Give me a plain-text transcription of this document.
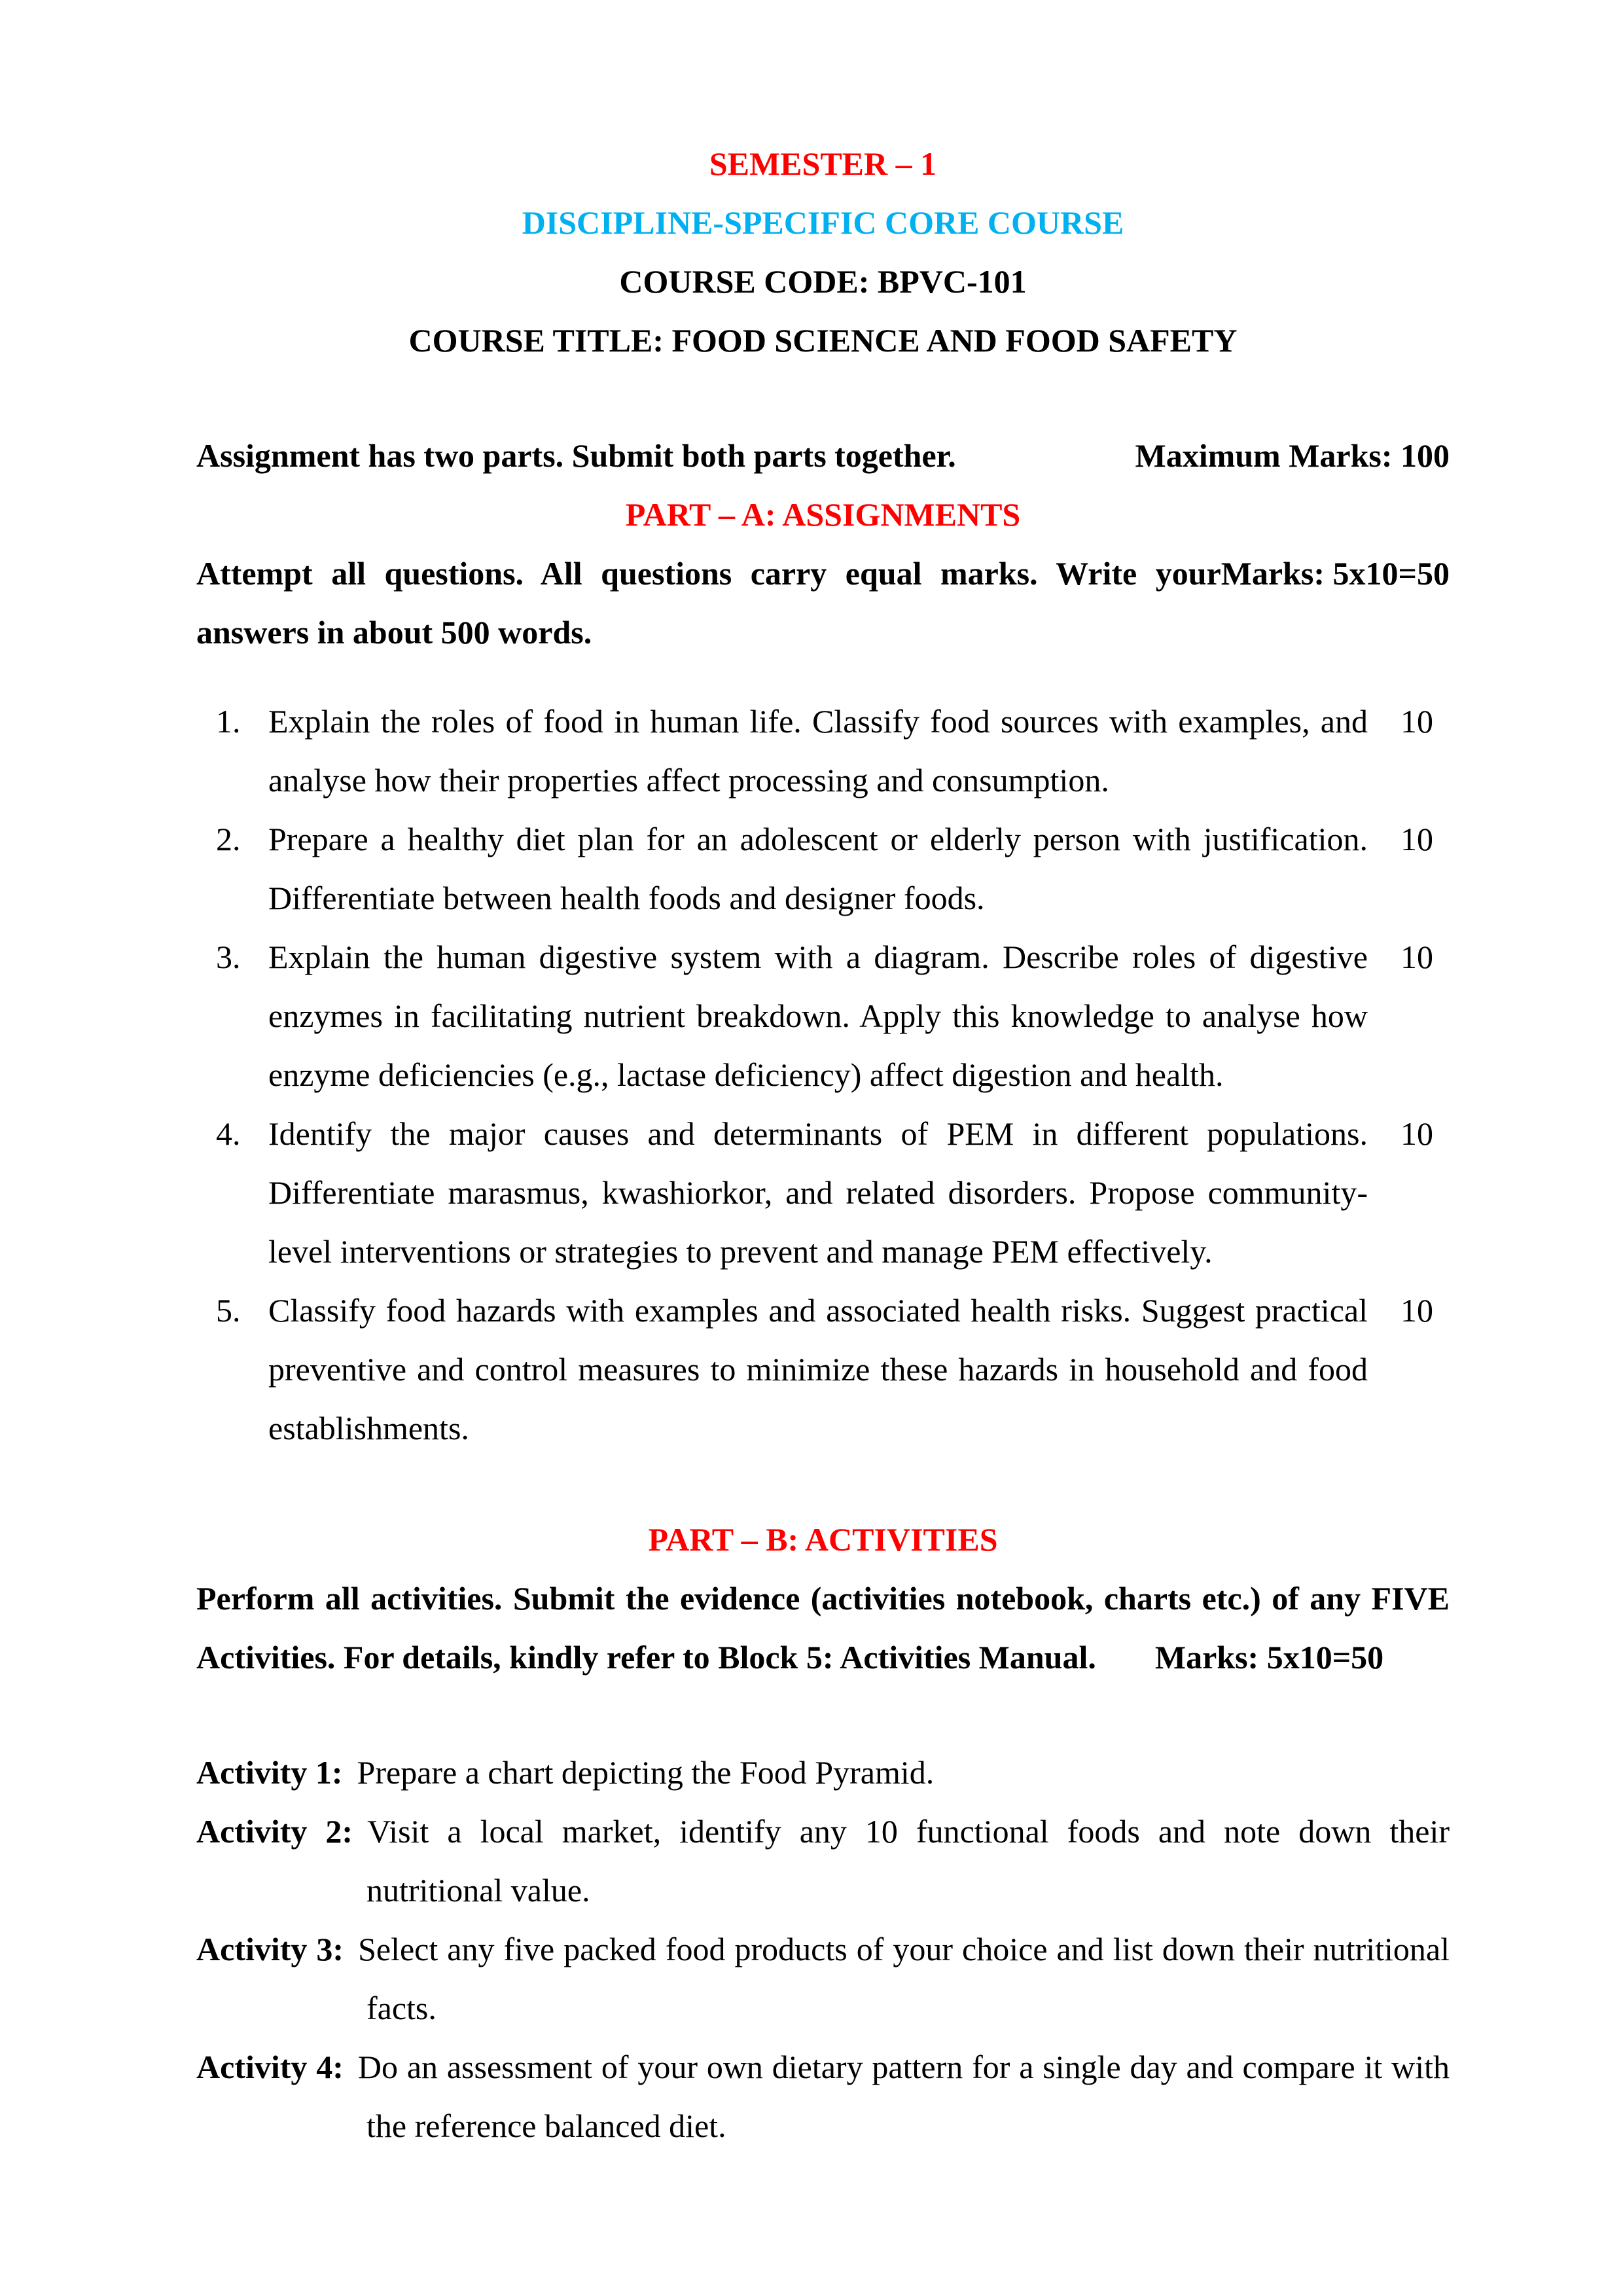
SEMESTER – 1

DISCIPLINE-SPECIFIC CORE COURSE

COURSE CODE: BPVC-101

COURSE TITLE: FOOD SCIENCE AND FOOD SAFETY

Maximum Marks: 100
Assignment has two parts. Submit both parts together.

PART – A: ASSIGNMENTS

Marks: 5x10=50
Attempt all questions. All questions carry equal marks. Write your answers in about 500 words.

1. Explain the roles of food in human life. Classify food sources with examples, and analyse how their properties affect processing and consumption.
10
2. Prepare a healthy diet plan for an adolescent or elderly person with justification. Differentiate between health foods and designer foods.
10
3. Explain the human digestive system with a diagram. Describe roles of digestive enzymes in facilitating nutrient breakdown. Apply this knowledge to analyse how enzyme deficiencies (e.g., lactase deficiency) affect digestion and health.
10
4. Identify the major causes and determinants of PEM in different populations. Differentiate marasmus, kwashiorkor, and related disorders. Propose community-level interventions or strategies to prevent and manage PEM effectively.
10
5. Classify food hazards with examples and associated health risks. Suggest practical preventive and control measures to minimize these hazards in household and food establishments.
10

PART – B: ACTIVITIES

Perform all activities. Submit the evidence (activities notebook, charts etc.) of any FIVE Activities. For details, kindly refer to Block 5: Activities Manual. Marks: 5x10=50

Activity 1: Prepare a chart depicting the Food Pyramid.

Activity 2: Visit a local market, identify any 10 functional foods and note down their nutritional value.

Activity 3: Select any five packed food products of your choice and list down their nutritional facts.

Activity 4: Do an assessment of your own dietary pattern for a single day and compare it with the reference balanced diet.
